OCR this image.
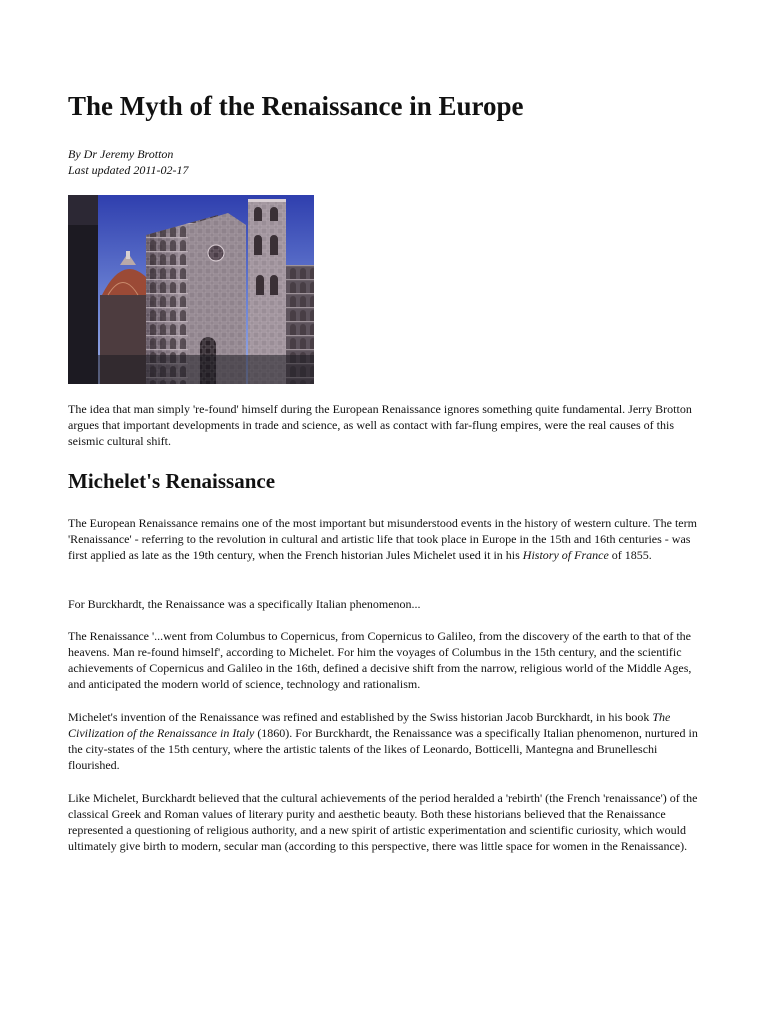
The Myth of the Renaissance in Europe
By Dr Jeremy Brotton
Last updated 2011-02-17

The idea that man simply 're-found' himself during the European Renaissance ignores something quite fundamental. Jerry Brotton argues that important developments in trade and science, as well as contact with far-flung empires, were the real causes of this seismic cultural shift.

Michelet's Renaissance

The European Renaissance remains one of the most important but misunderstood events in the history of western culture. The term 'Renaissance' - referring to the revolution in cultural and artistic life that took place in Europe in the 15th and 16th centuries - was first applied as late as the 19th century, when the French historian Jules Michelet used it in his History of France of 1855.

For Burckhardt, the Renaissance was a specifically Italian phenomenon...

The Renaissance '...went from Columbus to Copernicus, from Copernicus to Galileo, from the discovery of the earth to that of the heavens. Man re-found himself', according to Michelet. For him the voyages of Columbus in the 15th century, and the scientific achievements of Copernicus and Galileo in the 16th, defined a decisive shift from the narrow, religious world of the Middle Ages, and anticipated the modern world of science, technology and rationalism.

Michelet's invention of the Renaissance was refined and established by the Swiss historian Jacob Burckhardt, in his book The Civilization of the Renaissance in Italy (1860). For Burckhardt, the Renaissance was a specifically Italian phenomenon, nurtured in the city-states of the 15th century, where the artistic talents of the likes of Leonardo, Botticelli, Mantegna and Brunelleschi flourished.

Like Michelet, Burckhardt believed that the cultural achievements of the period heralded a 'rebirth' (the French 'renaissance') of the classical Greek and Roman values of literary purity and aesthetic beauty. Both these historians believed that the Renaissance represented a questioning of religious authority, and a new spirit of artistic experimentation and scientific curiosity, which would ultimately give birth to modern, secular man (according to this perspective, there was little space for women in the Renaissance).
